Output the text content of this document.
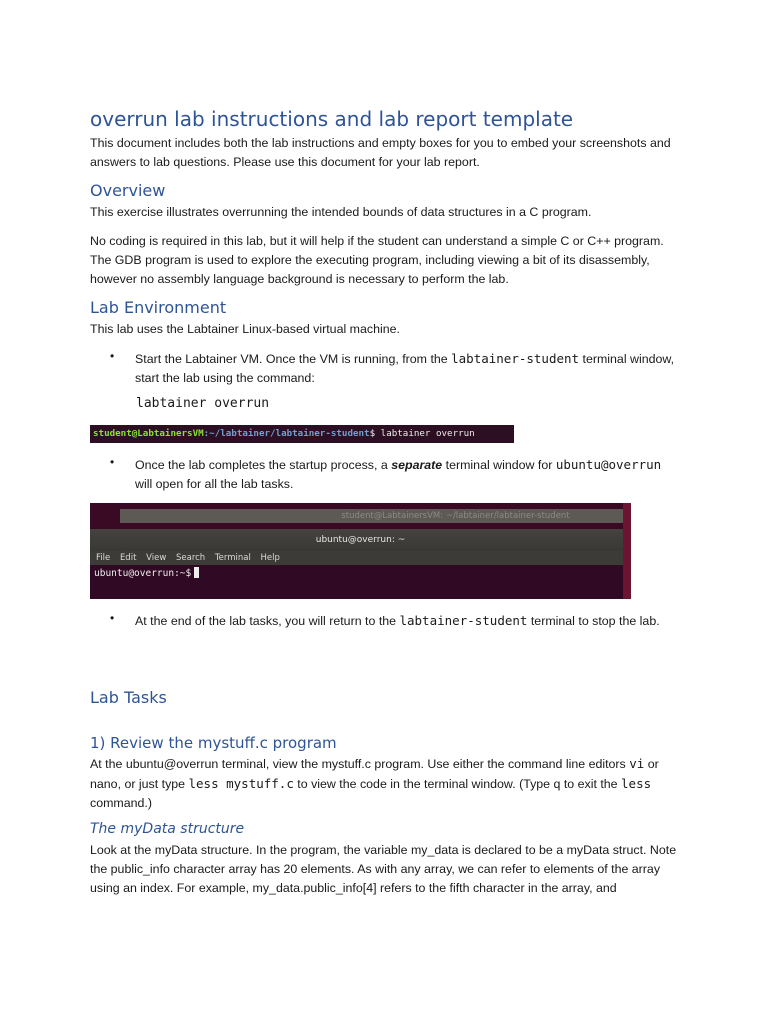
overrun lab instructions and lab report template
This document includes both the lab instructions and empty boxes for you to embed your screenshots and answers to lab questions. Please use this document for your lab report.
Overview
This exercise illustrates overrunning the intended bounds of data structures in a C program.
No coding is required in this lab, but it will help if the student can understand a simple C or C++ program. The GDB program is used to explore the executing program, including viewing a bit of its disassembly, however no assembly language background is necessary to perform the lab.
Lab Environment
This lab uses the Labtainer Linux-based virtual machine.
•	Start the Labtainer VM. Once the VM is running, from the labtainer-student terminal window, start the lab using the command:
labtainer overrun
student@LabtainersVM:~/labtainer/labtainer-student$ labtainer overrun
•	Once the lab completes the startup process, a separate terminal window for ubuntu@overrun will open for all the lab tasks.
student@LabtainersVM: ~/labtainer/labtainer-student
ubuntu@overrun: ~
File Edit View Search Terminal Help
ubuntu@overrun:~$
•	At the end of the lab tasks, you will return to the labtainer-student terminal to stop the lab.
Lab Tasks
1) Review the mystuff.c program
At the ubuntu@overrun terminal, view the mystuff.c program. Use either the command line editors vi or nano, or just type less mystuff.c to view the code in the terminal window. (Type q to exit the less command.)
The myData structure
Look at the myData structure. In the program, the variable my_data is declared to be a myData struct. Note the public_info character array has 20 elements. As with any array, we can refer to elements of the array using an index. For example, my_data.public_info[4] refers to the fifth character in the array, and
